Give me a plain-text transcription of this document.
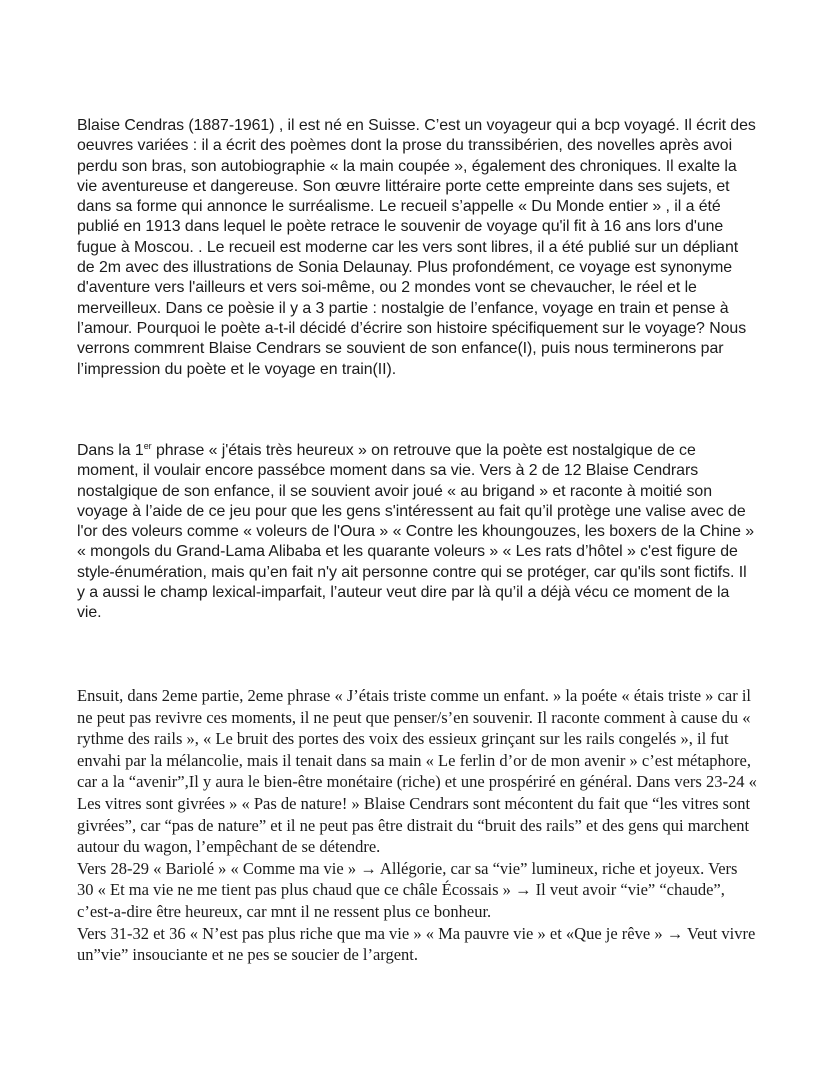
Blaise Cendras (1887-1961) , il est né en Suisse. C’est un voyageur qui a bcp voyagé. Il écrit des oeuvres variées : il a écrit des poèmes dont la prose du transsibérien, des novelles après avoi perdu son bras, son autobiographie « la main coupée », également des chroniques. Il exalte la vie aventureuse et dangereuse. Son œuvre littéraire porte cette empreinte dans ses sujets, et dans sa forme qui annonce le surréalisme. Le recueil s’appelle « Du Monde entier » , il a été publié en 1913 dans lequel le poète retrace le souvenir de voyage qu'il fit à 16 ans lors d'une fugue à Moscou. . Le recueil est moderne car les vers sont libres, il a été publié sur un dépliant de 2m avec des illustrations de Sonia Delaunay. Plus profondément, ce voyage est synonyme d'aventure vers l'ailleurs et vers soi-même, ou 2 mondes vont se chevaucher, le réel et le merveilleux. Dans ce poèsie il y a 3 partie : nostalgie de l’enfance, voyage en train et pense à l’amour. Pourquoi le poète a-t-il décidé d’écrire son histoire spécifiquement sur le voyage? Nous verrons commrent Blaise Cendrars se souvient de son enfance(I), puis nous terminerons par l’impression du poète et le voyage en train(II).

Dans la 1er phrase « j'étais très heureux » on retrouve que la poète est nostalgique de ce moment, il voulair encore passébce moment dans sa vie. Vers à 2 de 12 Blaise Cendrars nostalgique de son enfance, il se souvient avoir joué « au brigand » et raconte à moitié son voyage à l’aide de ce jeu pour que les gens s'intéressent au fait qu’il protège une valise avec de l'or des voleurs comme « voleurs de l'Oura » « Contre les khoungouzes, les boxers de la Chine » « mongols du Grand-Lama Alibaba et les quarante voleurs » « Les rats d’hôtel » c'est figure de style-énumération, mais qu’en fait n'y ait personne contre qui se protéger, car qu'ils sont fictifs. Il y a aussi le champ lexical-imparfait, l’auteur veut dire par là qu’il a déjà vécu ce moment de la vie.

Ensuit, dans 2eme partie, 2eme phrase « J’étais triste comme un enfant. » la poéte « étais triste » car il ne peut pas revivre ces moments, il ne peut que penser/s’en souvenir. Il raconte comment à cause du « rythme des rails », « Le bruit des portes des voix des essieux grinçant sur les rails congelés », il fut envahi par la mélancolie, mais il tenait dans sa main « Le ferlin d’or de mon avenir » c’est métaphore, car a la “avenir”,Il y aura le bien-être monétaire (riche) et une prospériré en général. Dans vers 23-24 « Les vitres sont givrées » « Pas de nature! » Blaise Cendrars sont mécontent du fait que “les vitres sont givrées”, car “pas de nature” et il ne peut pas être distrait du “bruit des rails” et des gens qui marchent autour du wagon, l’empêchant de se détendre.
Vers 28-29 « Bariolé » « Comme ma vie » → Allégorie, car sa “vie” lumineux, riche et joyeux. Vers 30 « Et ma vie ne me tient pas plus chaud que ce châle Écossais » → Il veut avoir “vie” “chaude”, c’est-a-dire être heureux, car mnt il ne ressent plus ce bonheur.
Vers 31-32 et 36 « N’est pas plus riche que ma vie » « Ma pauvre vie » et «Que je rêve » → Veut vivre un”vie” insouciante et ne pes se soucier de l’argent.
